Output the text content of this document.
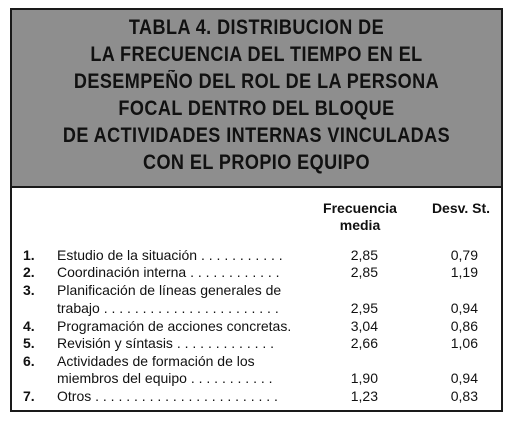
TABLA 4. DISTRIBUCION DE
LA FRECUENCIA DEL TIEMPO EN EL
DESEMPEÑO DEL ROL DE LA PERSONA
FOCAL DENTRO DEL BLOQUE
DE ACTIVIDADES INTERNAS VINCULADAS
CON EL PROPIO EQUIPO
Frecuencia
media
Desv. St.
1. Estudio de la situación . . . . . . . . . . .	2,85	0,79
2. Coordinación interna . . . . . . . . . . . .	2,85	1,19
3. Planificación de líneas generales de
trabajo . . . . . . . . . . . . . . . . . . . . . . .	2,95	0,94
4. Programación de acciones concretas.	3,04	0,86
5. Revisión y síntasis . . . . . . . . . . . . .	2,66	1,06
6. Actividades de formación de los
miembros del equipo . . . . . . . . . . .	1,90	0,94
7. Otros . . . . . . . . . . . . . . . . . . . . . . . .	1,23	0,83
